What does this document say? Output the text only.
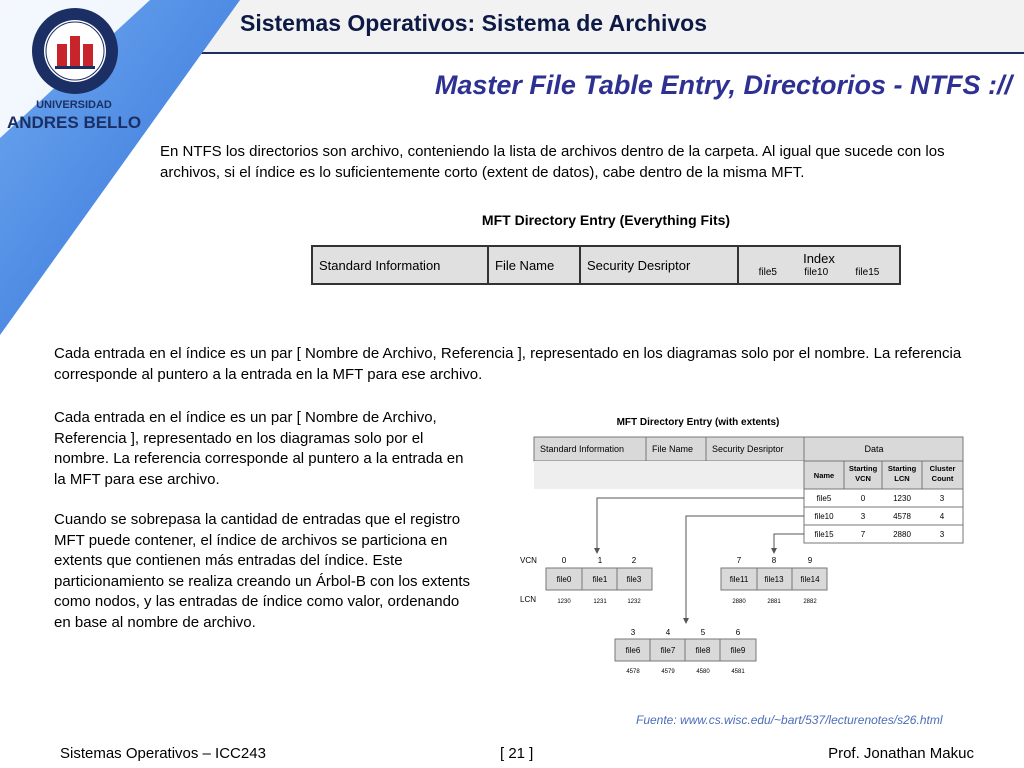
UNIVERSIDAD
ANDRES BELLO
Sistemas Operativos: Sistema de Archivos
Master File Table Entry, Directorios - NTFS ://
En NTFS los directorios son archivo, conteniendo la lista de archivos dentro de la carpeta. Al igual que sucede con los archivos, si el índice es lo suficientemente corto (extent de datos), cabe dentro de la misma MFT.
MFT Directory Entry (Everything Fits)
Standard Information	File Name	Security Desriptor	Index
file5	file10	file15
Cada entrada en el índice es un par [ Nombre de Archivo, Referencia ], representado en los diagramas solo por el nombre. La referencia corresponde al puntero a la entrada en la MFT para ese archivo.
Cada entrada en el índice es un par [ Nombre de Archivo, Referencia ], representado en los diagramas solo por el nombre. La referencia corresponde al puntero a la entrada en la MFT para ese archivo.
Cuando se sobrepasa la cantidad de entradas que el registro MFT puede contener, el índice de archivos se particiona en extents que contienen más entradas del índice. Este particionamiento se realiza creando un Árbol-B con los extents como nodos, y las entradas de índice como valor, ordenando en base al nombre de archivo.
MFT Directory Entry (with extents)
Standard Information	File Name Security Desriptor	Data
Name
Starting VCN
Starting LCN
Cluster Count
file5	0	1230	3
file10	3	4578	4
file15	7	2880	3
VCN
LCN
0	1	2
file0	file1 file3
1230	1231	1232
7	8	9
file11 file13 file14
2880	2881	2882
3	4	5	6
file6	file7	file8	file9
4578	4579	4580	4581
Fuente: www.cs.wisc.edu/~bart/537/lecturenotes/s26.html
Sistemas Operativos – ICC243	[ 21 ]	Prof. Jonathan Makuc
